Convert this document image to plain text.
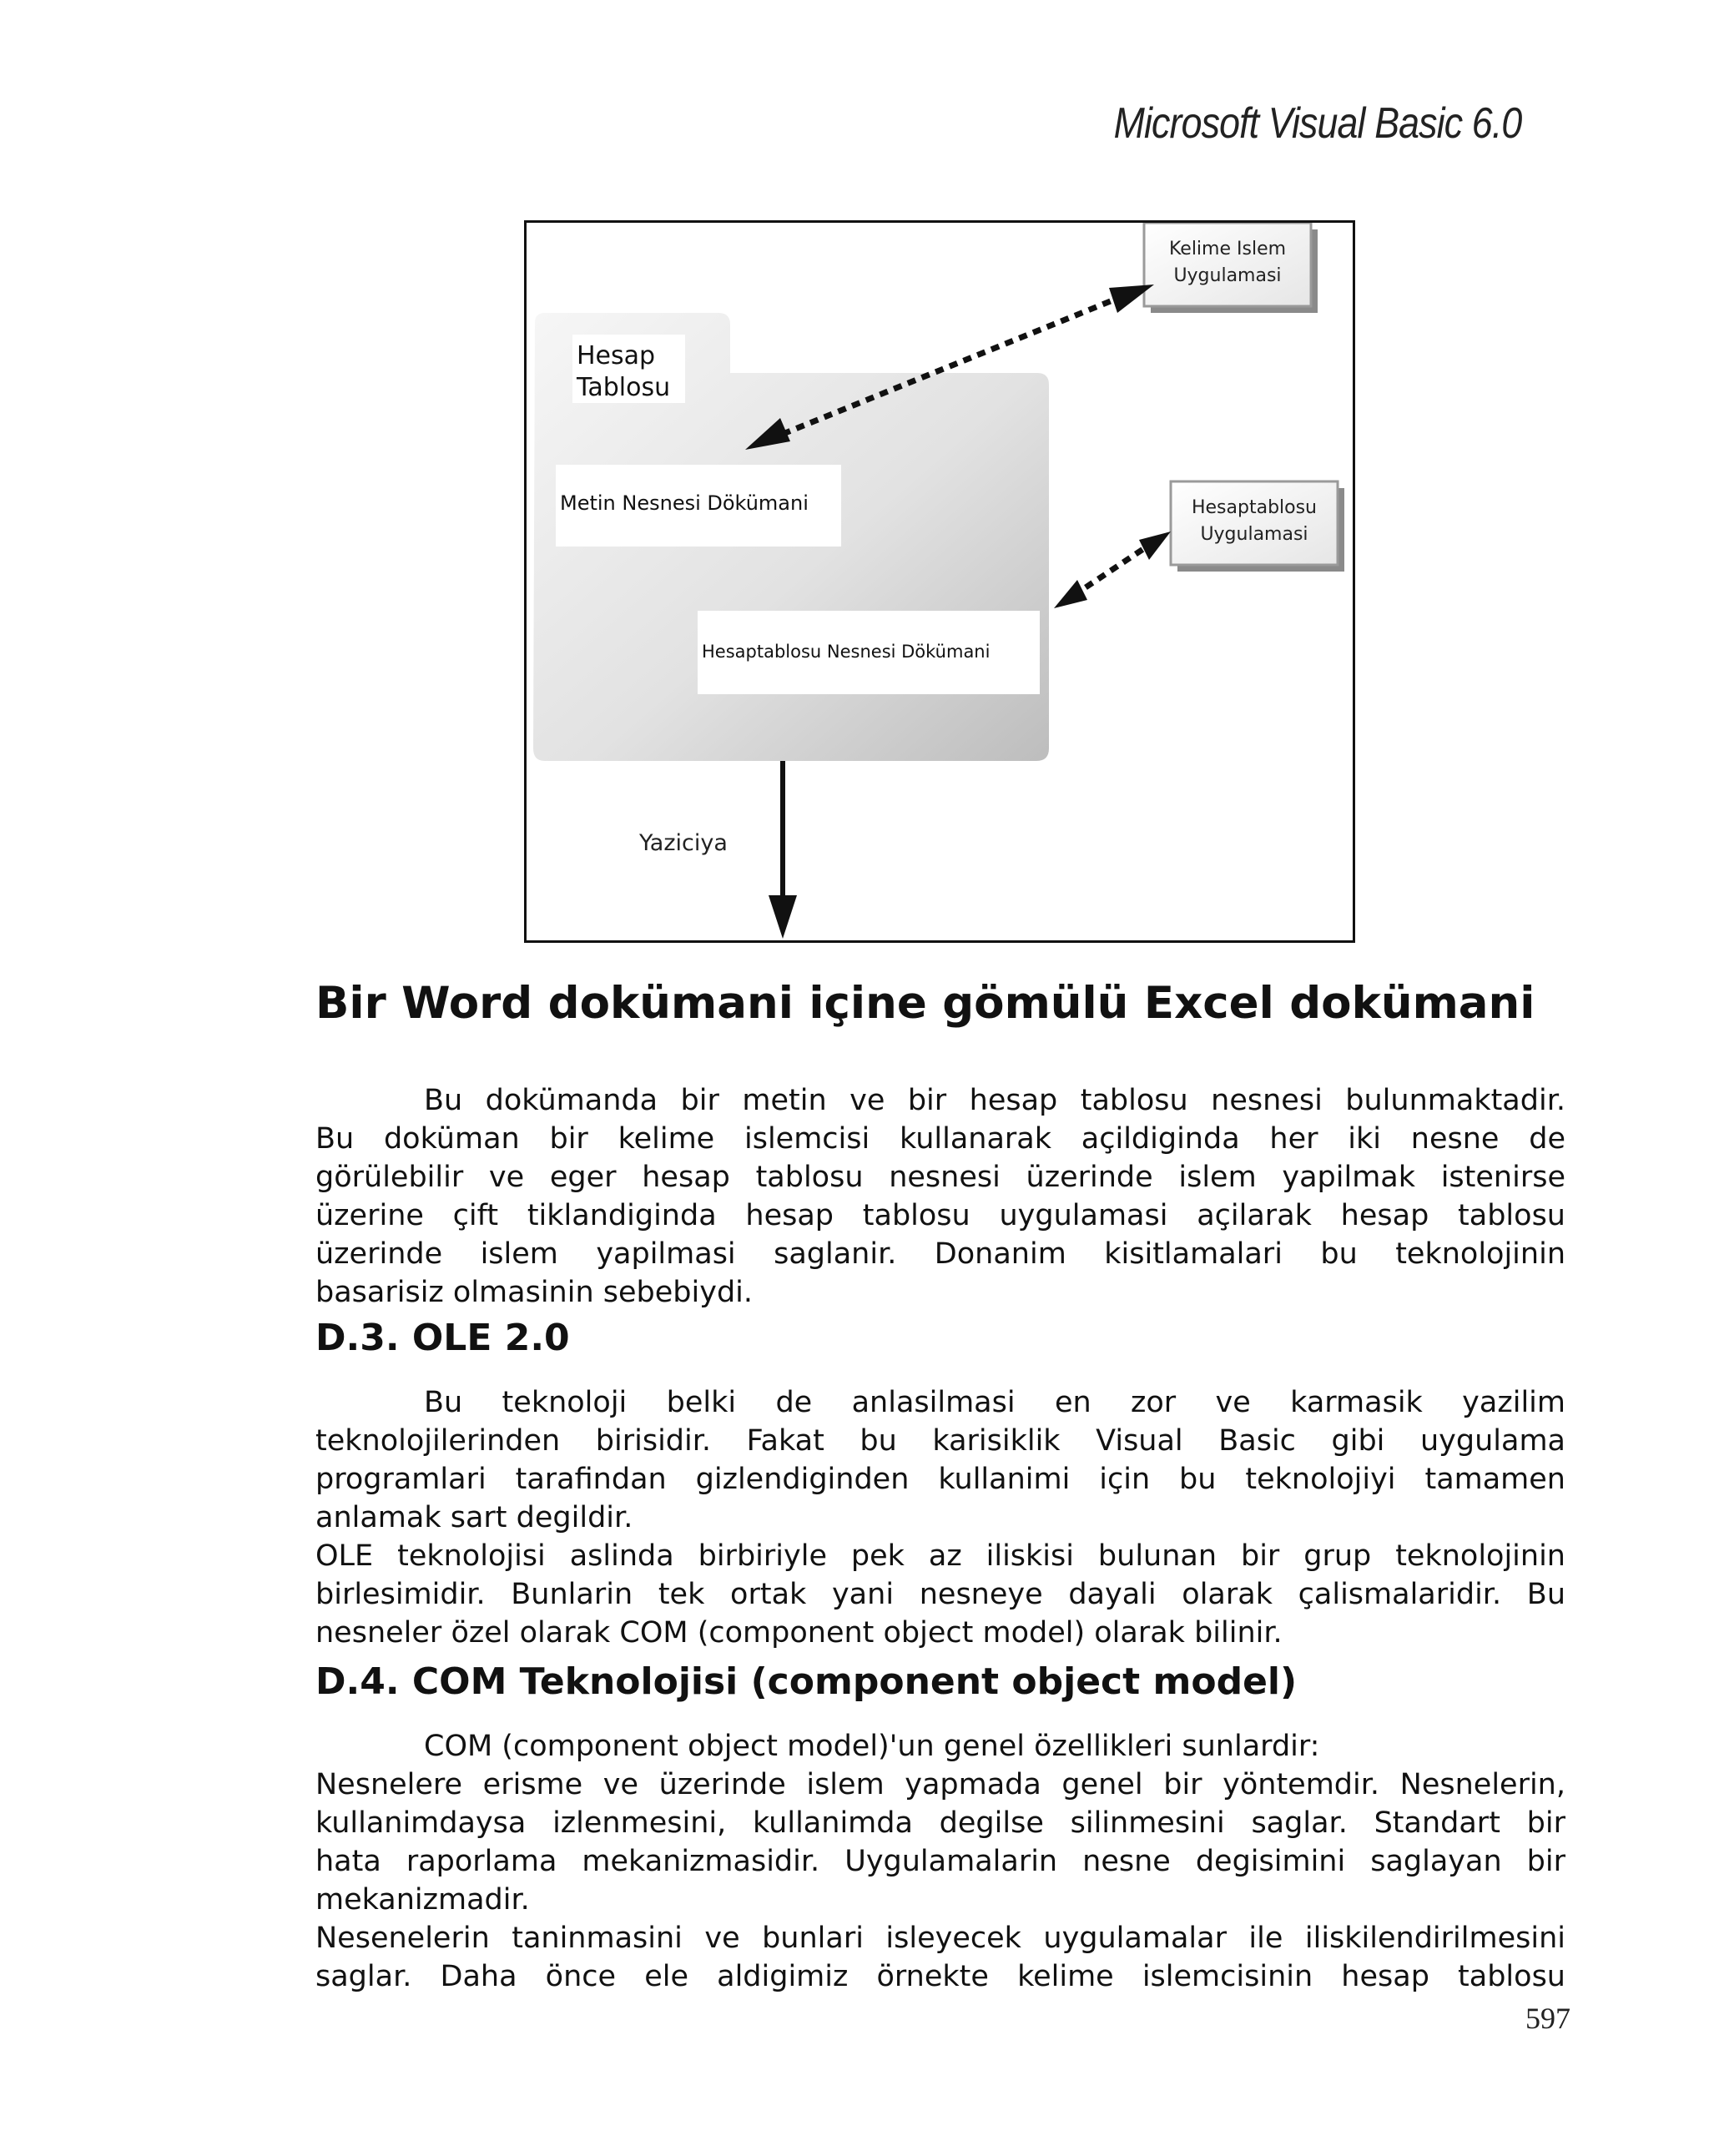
Microsoft Visual Basic 6.0
Hesap
Tablosu
Metin Nesnesi Dökümani
Hesaptablosu Nesnesi Dökümani
Kelime Islem
Uygulamasi
Hesaptablosu
Uygulamasi
Yaziciya
Bir Word dokümani içine gömülü Excel dokümani
Bu dokümanda bir metin ve bir hesap tablosu nesnesi bulunmaktadir.
Bu doküman bir kelime islemcisi kullanarak açildiginda her iki nesne de
görülebilir ve eger hesap tablosu nesnesi üzerinde islem yapilmak istenirse
üzerine çift tiklandiginda hesap tablosu uygulamasi açilarak hesap tablosu
üzerinde islem yapilmasi saglanir. Donanim kisitlamalari bu teknolojinin
basarisiz olmasinin sebebiydi.
D.3. OLE 2.0
Bu teknoloji belki de anlasilmasi en zor ve karmasik yazilim
teknolojilerinden birisidir. Fakat bu karisiklik Visual Basic gibi uygulama
programlari tarafindan gizlendiginden kullanimi için bu teknolojiyi tamamen
anlamak sart degildir.
OLE teknolojisi aslinda birbiriyle pek az iliskisi bulunan bir grup teknolojinin
birlesimidir. Bunlarin tek ortak yani nesneye dayali olarak çalismalaridir. Bu
nesneler özel olarak COM (component object model) olarak bilinir.
D.4. COM Teknolojisi (component object model)
COM (component object model)'un genel özellikleri sunlardir:
Nesnelere erisme ve üzerinde islem yapmada genel bir yöntemdir. Nesnelerin,
kullanimdaysa izlenmesini, kullanimda degilse silinmesini saglar. Standart bir
hata raporlama mekanizmasidir. Uygulamalarin nesne degisimini saglayan bir
mekanizmadir.
Nesenelerin taninmasini ve bunlari isleyecek uygulamalar ile iliskilendirilmesini
saglar. Daha önce ele aldigimiz örnekte kelime islemcisinin hesap tablosu
597
